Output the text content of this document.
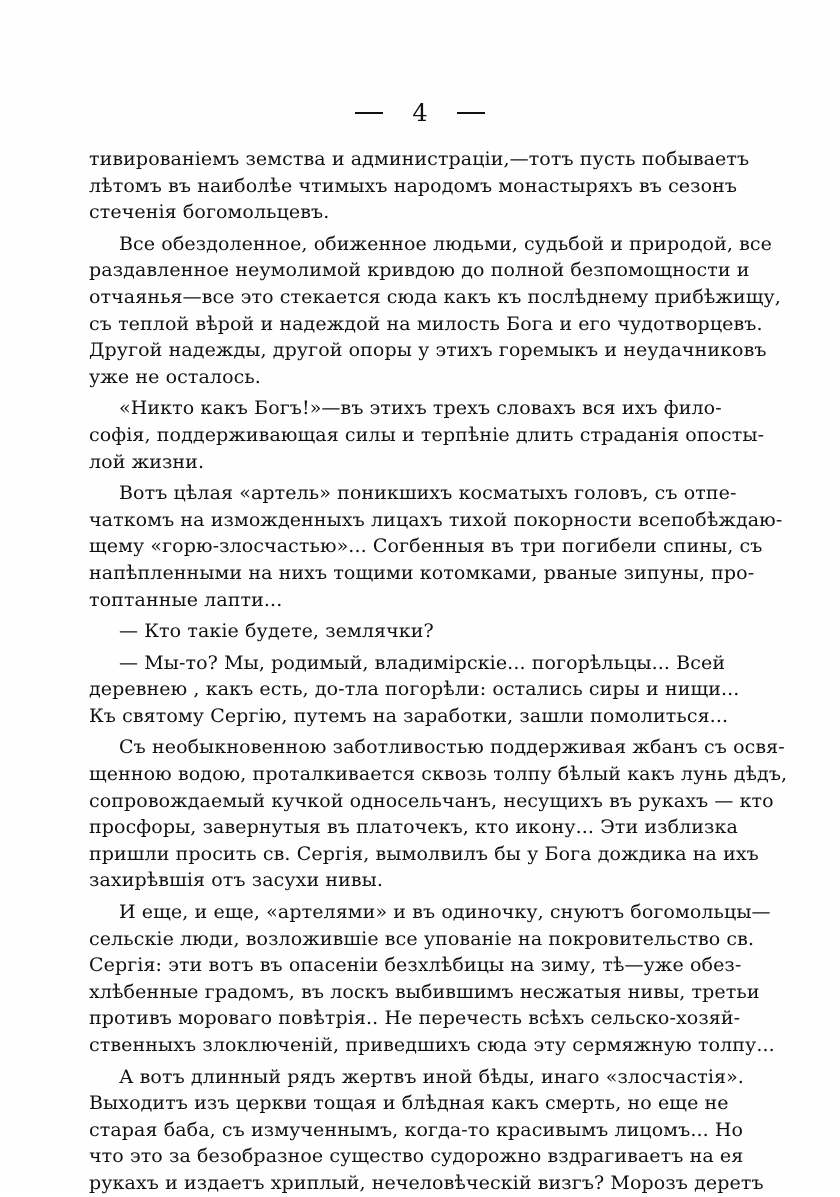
4
тивированіемъ земства и администраціи,—тотъ пусть побываетъ
лѣтомъ въ наиболѣе чтимыхъ народомъ монастыряхъ въ сезонъ
стеченія богомольцевъ.
Все обездоленное, обиженное людьми, судьбой и природой, все
раздавленное неумолимой кривдою до полной безпомощности и
отчаянья—все это стекается сюда какъ къ послѣднему прибѣжищу,
съ теплой вѣрой и надеждой на милость Бога и его чудотворцевъ.
Другой надежды, другой опоры у этихъ горемыкъ и неудачниковъ
уже не осталось.
«Никто какъ Богъ!»—въ этихъ трехъ словахъ вся ихъ фило-
софія, поддерживающая силы и терпѣніе длить страданія опосты-
лой жизни.
Вотъ цѣлая «артель» поникшихъ косматыхъ головъ, съ отпе-
чаткомъ на изможденныхъ лицахъ тихой покорности всепобѣждаю-
щему «горю-злосчастью»... Согбенныя въ три погибели спины, съ
напѣпленными на нихъ тощими котомками, рваные зипуны, про-
топтанные лапти...
— Кто такіе будете, землячки?
— Мы-то? Мы, родимый, владимірскіе... погорѣльцы... Всей
деревнею , какъ есть, до-тла погорѣли: остались сиры и нищи...
Къ святому Сергію, путемъ на заработки, зашли помолиться...
Съ необыкновенною заботливостью поддерживая жбанъ съ освя-
щенною водою, проталкивается сквозь толпу бѣлый какъ лунь дѣдъ,
сопровождаемый кучкой односельчанъ, несущихъ въ рукахъ — кто
просфоры, завернутыя въ платочекъ, кто икону... Эти изблизка
пришли просить св. Сергія, вымолвилъ бы у Бога дождика на ихъ
захирѣвшія отъ засухи нивы.
И еще, и еще, «артелями» и въ одиночку, снуютъ богомольцы—
сельскіе люди, возложившіе все упованіе на покровительство св.
Сергія: эти вотъ въ опасеніи безхлѣбицы на зиму, тѣ—уже обез-
хлѣбенные градомъ, въ лоскъ выбившимъ несжатыя нивы, третьи
противъ мороваго повѣтрія.. Не перечесть всѣхъ сельско-хозяй-
ственныхъ злоключеній, приведшихъ сюда эту сермяжную толпу...
А вотъ длинный рядъ жертвъ иной бѣды, инаго «злосчастія».
Выходитъ изъ церкви тощая и блѣдная какъ смерть, но еще не
старая баба, съ измученнымъ, когда-то красивымъ лицомъ... Но
что это за безобразное существо судорожно вздрагиваетъ на ея
рукахъ и издаетъ хриплый, нечеловѣческій визгъ? Морозъ деретъ
